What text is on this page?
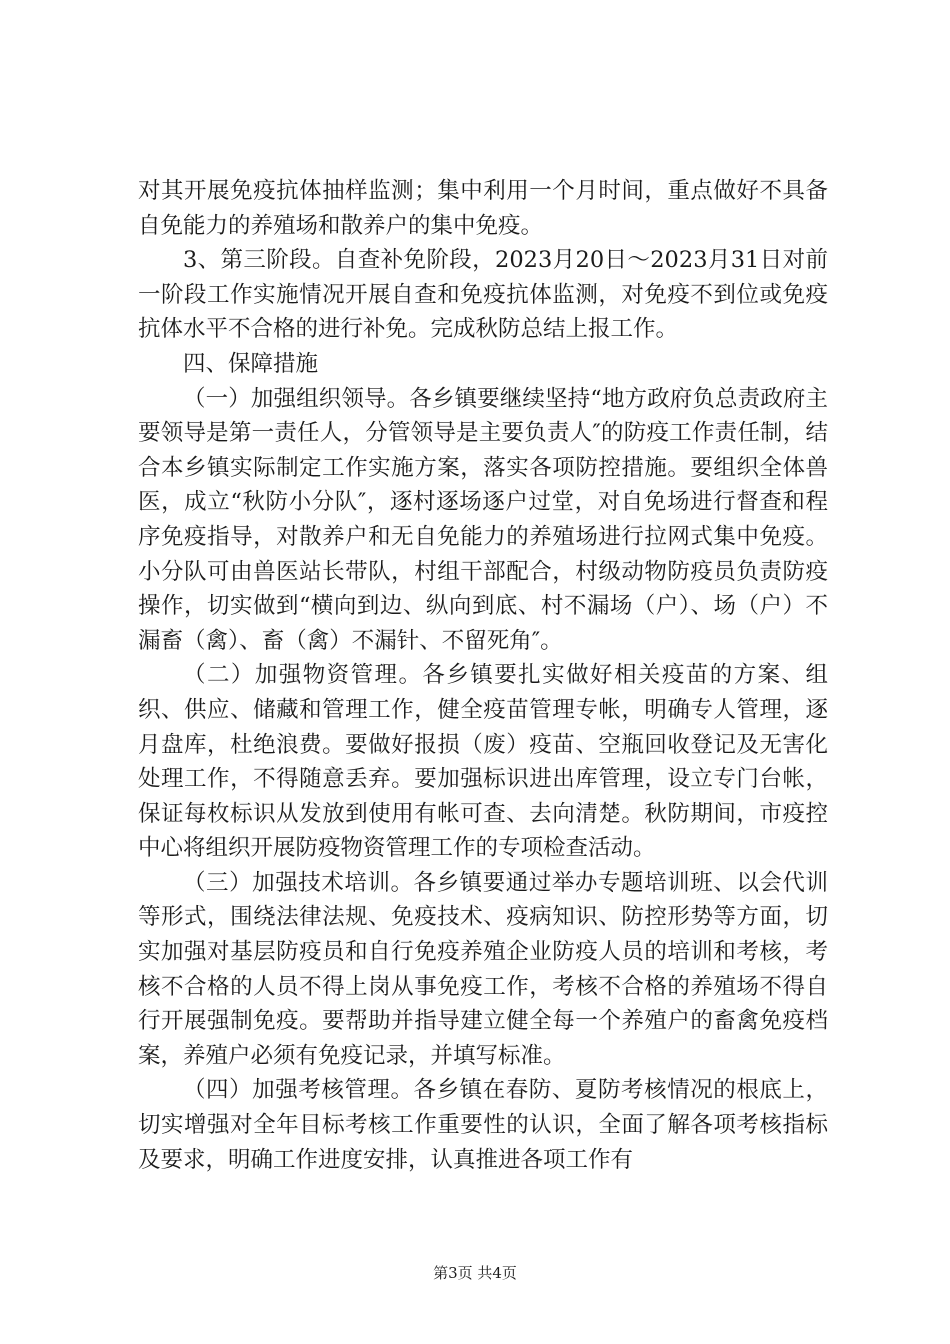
对其开展免疫抗体抽样监测；集中利用一个月时间，重点做好不具备自免能力的养殖场和散养户的集中免疫。

3、第三阶段。自查补免阶段，2023月20日～2023月31日对前一阶段工作实施情况开展自查和免疫抗体监测，对免疫不到位或免疫抗体水平不合格的进行补免。完成秋防总结上报工作。

四、保障措施

（一）加强组织领导。各乡镇要继续坚持“地方政府负总责政府主要领导是第一责任人，分管领导是主要负责人″的防疫工作责任制，结合本乡镇实际制定工作实施方案，落实各项防控措施。要组织全体兽医，成立“秋防小分队″，逐村逐场逐户过堂，对自免场进行督查和程序免疫指导，对散养户和无自免能力的养殖场进行拉网式集中免疫。小分队可由兽医站长带队，村组干部配合，村级动物防疫员负责防疫操作，切实做到“横向到边、纵向到底、村不漏场（户）、场（户）不漏畜（禽）、畜（禽）不漏针、不留死角″。

（二）加强物资管理。各乡镇要扎实做好相关疫苗的方案、组织、供应、储藏和管理工作，健全疫苗管理专帐，明确专人管理，逐月盘库，杜绝浪费。要做好报损（废）疫苗、空瓶回收登记及无害化处理工作，不得随意丢弃。要加强标识进出库管理，设立专门台帐，保证每枚标识从发放到使用有帐可查、去向清楚。秋防期间，市疫控中心将组织开展防疫物资管理工作的专项检查活动。

（三）加强技术培训。各乡镇要通过举办专题培训班、以会代训等形式，围绕法律法规、免疫技术、疫病知识、防控形势等方面，切实加强对基层防疫员和自行免疫养殖企业防疫人员的培训和考核，考核不合格的人员不得上岗从事免疫工作，考核不合格的养殖场不得自行开展强制免疫。要帮助并指导建立健全每一个养殖户的畜禽免疫档案，养殖户必须有免疫记录，并填写标准。

（四）加强考核管理。各乡镇在春防、夏防考核情况的根底上，切实增强对全年目标考核工作重要性的认识，全面了解各项考核指标及要求，明确工作进度安排，认真推进各项工作有

第3页 共4页
